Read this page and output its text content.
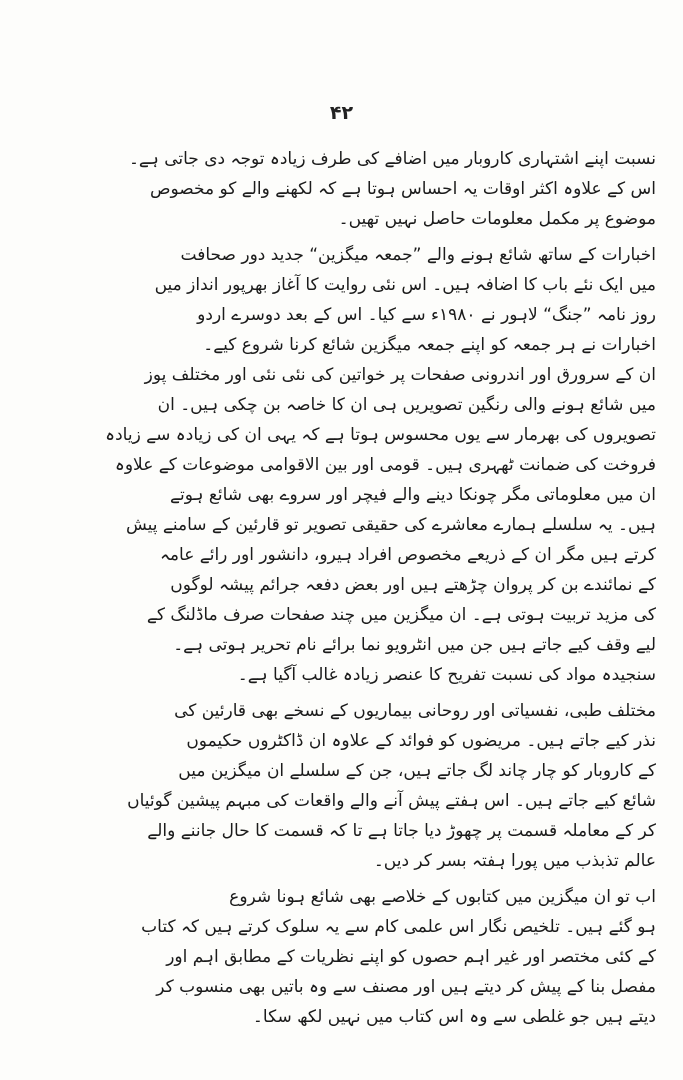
۴۲
نسبت اپنے اشتہاری کاروبار میں اضافے کی طرف زیادہ توجہ دی جاتی ہے۔
اس کے علاوہ اکثر اوقات یہ احساس ہوتا ہے کہ لکھنے والے کو مخصوص
موضوع پر مکمل معلومات حاصل نہیں تھیں۔
اخبارات کے ساتھ شائع ہونے والے ”جمعہ میگزین“ جدید دور صحافت
میں ایک نئے باب کا اضافہ ہیں۔ اس نئی روایت کا آغاز بھرپور انداز میں
روز نامہ ”جنگ“ لاہور نے ۱۹۸۰ء سے کیا۔ اس کے بعد دوسرے اردو
اخبارات نے ہر جمعہ کو اپنے جمعہ میگزین شائع کرنا شروع کیے۔
ان کے سرورق اور اندرونی صفحات پر خواتین کی نئی نئی اور مختلف پوز
میں شائع ہونے والی رنگین تصویریں ہی ان کا خاصہ بن چکی ہیں۔ ان
تصویروں کی بھرمار سے یوں محسوس ہوتا ہے کہ یہی ان کی زیادہ سے زیادہ
فروخت کی ضمانت ٹھہری ہیں۔ قومی اور بین الاقوامی موضوعات کے علاوہ
ان میں معلوماتی مگر چونکا دینے والے فیچر اور سروے بھی شائع ہوتے
ہیں۔ یہ سلسلے ہمارے معاشرے کی حقیقی تصویر تو قارئین کے سامنے پیش
کرتے ہیں مگر ان کے ذریعے مخصوص افراد ہیرو، دانشور اور رائے عامہ
کے نمائندے بن کر پروان چڑھتے ہیں اور بعض دفعہ جرائم پیشہ لوگوں
کی مزید تربیت ہوتی ہے۔ ان میگزین میں چند صفحات صرف ماڈلنگ کے
لیے وقف کیے جاتے ہیں جن میں انٹرویو نما برائے نام تحریر ہوتی ہے۔
سنجیدہ مواد کی نسبت تفریح کا عنصر زیادہ غالب آگیا ہے۔
مختلف طبی، نفسیاتی اور روحانی بیماریوں کے نسخے بھی قارئین کی
نذر کیے جاتے ہیں۔ مریضوں کو فوائد کے علاوہ ان ڈاکٹروں حکیموں
کے کاروبار کو چار چاند لگ جاتے ہیں، جن کے سلسلے ان میگزین میں
شائع کیے جاتے ہیں۔ اس ہفتے پیش آنے والے واقعات کی مبہم پیشین گوئیاں
کر کے معاملہ قسمت پر چھوڑ دیا جاتا ہے تا کہ قسمت کا حال جاننے والے
عالم تذبذب میں پورا ہفتہ بسر کر دیں۔
اب تو ان میگزین میں کتابوں کے خلاصے بھی شائع ہونا شروع
ہو گئے ہیں۔ تلخیص نگار اس علمی کام سے یہ سلوک کرتے ہیں کہ کتاب
کے کئی مختصر اور غیر اہم حصوں کو اپنے نظریات کے مطابق اہم اور
مفصل بنا کے پیش کر دیتے ہیں اور مصنف سے وہ باتیں بھی منسوب کر
دیتے ہیں جو غلطی سے وہ اس کتاب میں نہیں لکھ سکا۔
